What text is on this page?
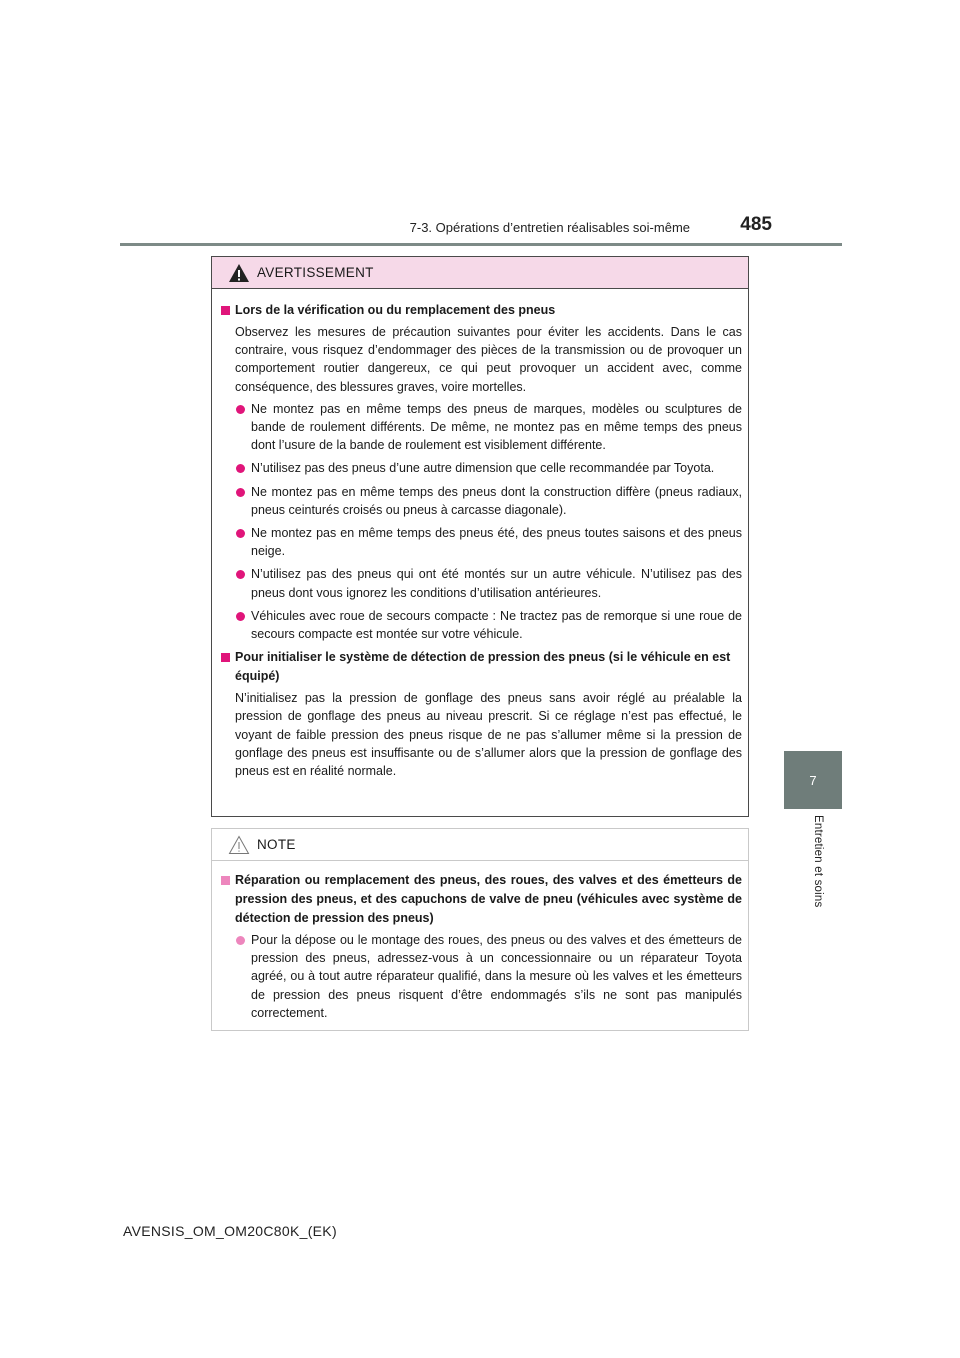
7-3. Opérations d’entretien réalisables soi-même	485
7
Entretien et soins
AVERTISSEMENT
Lors de la vérification ou du remplacement des pneus
Observez les mesures de précaution suivantes pour éviter les accidents. Dans le cas contraire, vous risquez d’endommager des pièces de la transmission ou de provoquer un comportement routier dangereux, ce qui peut provoquer un accident avec, comme conséquence, des blessures graves, voire mortelles.
Ne montez pas en même temps des pneus de marques, modèles ou sculptures de bande de roulement différents. De même, ne montez pas en même temps des pneus dont l’usure de la bande de roulement est visiblement différente.
N’utilisez pas des pneus d’une autre dimension que celle recommandée par Toyota.
Ne montez pas en même temps des pneus dont la construction diffère (pneus radiaux, pneus ceinturés croisés ou pneus à carcasse diagonale).
Ne montez pas en même temps des pneus été, des pneus toutes saisons et des pneus neige.
N’utilisez pas des pneus qui ont été montés sur un autre véhicule. N’utilisez pas des pneus dont vous ignorez les conditions d’utilisation antérieures.
Véhicules avec roue de secours compacte : Ne tractez pas de remorque si une roue de secours compacte est montée sur votre véhicule.
Pour initialiser le système de détection de pression des pneus (si le véhicule en est équipé)
N’initialisez pas la pression de gonflage des pneus sans avoir réglé au préalable la pression de gonflage des pneus au niveau prescrit. Si ce réglage n’est pas effectué, le voyant de faible pression des pneus risque de ne pas s’allumer même si la pression de gonflage des pneus est insuffisante ou de s’allumer alors que la pression de gonflage des pneus est en réalité normale.
NOTE
Réparation ou remplacement des pneus, des roues, des valves et des émetteurs de pression des pneus, et des capuchons de valve de pneu (véhicules avec système de détection de pression des pneus)
Pour la dépose ou le montage des roues, des pneus ou des valves et des émetteurs de pression des pneus, adressez-vous à un concessionnaire ou un réparateur Toyota agréé, ou à tout autre réparateur qualifié, dans la mesure où les valves et les émetteurs de pression des pneus risquent d’être endommagés s’ils ne sont pas manipulés correctement.
AVENSIS_OM_OM20C80K_(EK)
